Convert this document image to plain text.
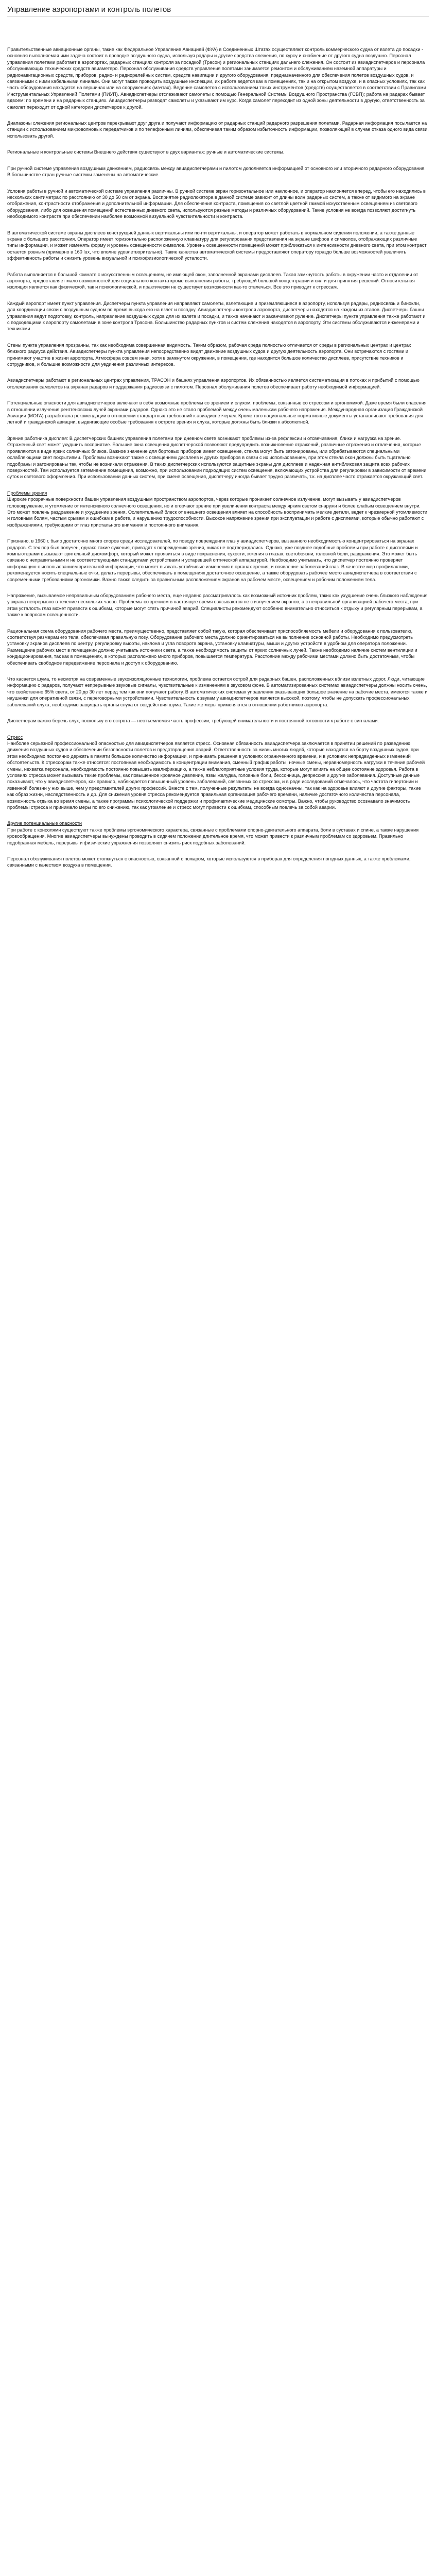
Управление аэропортами и контроль полетов

Правительственные авиационные органы, такие как Федеральное Управление Авиацией (ФУА) в Соединенных Штатах осуществляют контроль коммерческого судна от взлета до посадки - основная выполняемая ими задача состоит в проводке воздушного судна, используя радары и другие средства слежения, по курсу и снабжение от другого судна воздушно. Персонал управления полетами работает в аэропортах, радарных станциях контроля за посадкой (Трасон) и региональных станциях дальнего слежения. Он состоит из авиадиспетчеров и персонала обслуживающих технических средств авиаметеро. Персонал обслуживания средств управления полетами занимается ремонтом и обслуживанием наземной аппаратуры и радионавигационных средств, приборов, радио- и радиорелейных систем, средств навигации и другого оборудования, предназначенного для обеспечения полетов воздушных судов, и связанными с ними кабельными линиями. Они могут также проводить воздушные инспекции, их работа ведется как в помещениях, так и на открытом воздухе, и в опасных условиях, так как часть оборудования находится на вершинах или на сооружениях (мачтах). Ведение самолетов с использованием таких инструментов (средств) осуществляется в соответствии с Правилами Инструментальных Управлений Полетами (ПИУП). Авиадиспетчеры отслеживают самолеты с помощью Генеральной Системы Воздушного Пространства (ГСВП); работа на радарах бывает вдвоем: по времени и на радарных станциях. Авиадиспетчеры разводят самолеты и указывают им курс. Когда самолет переходит из одной зоны деятельности в другую, ответственность за самолет переходит от одной категории диспетчеров к другой.

Диапазоны слежения региональных центров перекрывают друг друга и получают информацию от радарных станций радарного разрешения полетами. Радарная информация посылается на станции с использованием микроволновых передатчиков и по телефонным линиям, обеспечивая таким образом избыточность информации, позволяющей в случае отказа одного вида связи, использовать другой.

Региональные и контрольные системы Внешнего действия существуют в двух вариантах: ручные и автоматические системы.

При ручной системе управления воздушным движением, радиосвязь между авиадиспетчерами и пилотом дополняется информацией от основного или вторичного радарного оборудования. В большинстве стран ручные системы заменены на автоматические.

Условия работы в ручной и автоматической системе управления различны. В ручной системе экран горизонтальное или наклонное, и оператор наклоняется вперед, чтобы его находились в нескольких сантиметрах по расстоянию от 30 до 50 см от экрана. Восприятие радиолокатора в данной системе зависит от длины волн радарных систем, а также от видимого на экране отображения, контрастности отображения и дополнительной информации. Для обеспечения контраста, помещения со светлой цветной гаммой искусственным освещением из светового оборудования, либо для освещения помещений естественных дневного света, используются разные методы и различных оборудований. Такие условия не всегда позволяют достигнуть необходимого контраста при обеспечении наиболее возможной визуальной чувствительности и контраста.

В автоматической системе экраны дисплеев конструкцией данных вертикальны или почти вертикальны, и оператор может работать в нормальном сидении положении, а также данные экрана с большего расстояния. Оператор имеет горизонтально расположенную клавиатуру для регулирования представления на экране шифров и символов, отображающих различные типы информации, и может изменять форму и уровень освещенности символов. Уровень освещенности помещений может приближаться к интенсивности дневного света, при этом контраст остается ровным (примерно в 160 lux, что вполне удовлетворительно). Такие качества автоматической системы предоставляют оператору гораздо больше возможностей увеличить эффективность работы и снизить уровень визуальной и психофизиологической усталости.

Работа выполняется в большой комнате с искусственным освещением, не имеющей окон, заполненной экранами дисплеев. Такая замкнутость работы в окружении часто и отдалении от аэропорта, предоставляет мало возможностей для социального контакта кроме выполнения работы, требующей большой концентрации и сил и для принятия решений. Относительная изоляция является как физической, так и психологической, и практически не существует возможности как-то отвлечься. Все это приводит к стрессам.

Каждый аэропорт имеет пункт управления. Диспетчеры пункта управления направляют самолеты, взлетающие и приземляющиеся в аэропорту, используя радары, радиосвязь и бинокли, для координации связи с воздушным судном во время выхода его на взлет и посадку. Авиадиспетчеры контроля аэропорта, диспетчеры находятся на каждом из этапов. Диспетчеры башни управления ведут подготовку, контроль, направление воздушных судов для их взлета и посадки, и также начинают и заканчивают руление. Диспетчеры пункта управления также работают и с подходящими к аэропорту самолетами в зоне контроля Трасона. Большинство радарных пунктов и систем слежения находятся в аэропорту. Эти системы обслуживаются инженерами и техниками.

Стены пункта управления прозрачны, так как необходима совершенная видимость. Таким образом, рабочая среда полностью отличается от среды в региональных центрах и центрах близкого радиуса действия. Авиадиспетчеры пункта управления непосредственно видят движение воздушных судов и другую деятельность аэропорта. Они встречаются с гостями и принимают участие в жизни аэропорта. Атмосфера совсем иная, хотя в замкнутом окружении, в помещении, где находится большое количество дисплеев, присутствие техников и сотрудников, и большие возможности для уединения различных интересов.

Авиадиспетчеры работают в региональных центрах управления, ТРАСОН и башнях управления аэропортов. Их обязанностью является систематизация в потоках и прибытий с помощью отслеживания самолетов на экранах радаров и поддержания радиосвязи с пилотом. Персонал обслуживания полетов обеспечивает работу необходимой информацией.

Потенциальные опасности для авиадиспетчеров включают в себя возможные проблемы со зрением и слухом, проблемы, связанные со стрессом и эргономикой. Даже время были опасения в отношении излучения рентгеновских лучей экранами радаров. Однако это не стало проблемой между очень маленьким рабочего напряжения. Международная организация Гражданской Авиации (МОГА) разработала рекомендации в отношении стандартных требований к авиадиспетчерам. Кроме того национальные нормативные документы устанавливают требования для летной и гражданской авиации, выдвигающие особые требования к остроте зрения и слуха, которые должны быть близки к абсолютной.

Зрение работника дисплея: В диспетчерских башнях управления полетами при дневном свете возникают проблемы из-за рефлексии и отсвечивания, блики и нагрузка на зрение. Отраженный свет может ухудшить восприятие. Большие окна освещения диспетчерской позволяют предупредить возникновение отражений, различные отражения и отвлечения, которые проявляются в виде ярких солнечных бликов. Важное значение для бортовых приборов имеет освещение, стекла могут быть затонированы, или обрабатываются специальными ослабляющими свет покрытиями. Проблемы возникают также с освещением дисплеев и других приборов в связи с их использованием, при этом стекла окон должны быть тщательно подобраны и затонированы так, чтобы не возникали отражения. В таких диспетчерских используются защитные экраны для дисплеев и надежная антибликовая защита всех рабочих поверхностей. Там используется затемнение помещения, возможно, при использовании подходящих систем освещения, включающих устройства для регулировки в зависимости от времени суток и светового оформления. При использовании данных систем, при смене освещения, диспетчеру иногда бывает трудно различать, т.к. на дисплее часто отражается окружающий свет.

Проблемы зрения

Широкие прозрачные поверхности башен управления воздушным пространством аэропортов, через которые проникает солнечное излучение, могут вызывать у авиадиспетчеров головокружение, и утомление от интенсивного солнечного освещения, но и огорчают зрение при увеличении контраста между ярким светом снаружи и более слабым освещением внутри. Это может повлечь раздражение и ухудшение зрения. Ослепительный блеск от внешнего освещения влияет на способность воспринимать мелкие детали, ведет к чрезмерной утомляемости и головным болям, частым срывам и ошибкам в работе, и нарушению трудоспособности. Высокое напряжение зрения при эксплуатации и работе с дисплеями, которые обычно работают с изображениями, требующими от глаз пристального внимания и постоянного внимания.

Признано, в 1960 г. было достаточно много споров среди исследователей, по поводу повреждения глаз у авиадиспетчеров, вызванного необходимостью концентрироваться на экранах радаров. С тех пор был получен, однако такие сужения, приводят к повреждению зрения, никак не подтверждались. Однако, уже позднее подобные проблемы при работе с дисплеями и компьютерами вызывают зрительный дискомфорт, который может проявиться в виде покраснения, сухости, жжения в глазах, светобоязни, головной боли, раздражения. Это может быть связано с неправильными и не соответствующими стандартами устройствами и устаревшей оптической аппаратурой. Необходимо учитывать, что диспетчер постоянно проверяет информацию с использованием зрительной информации, что может вызвать устойчивые изменения в органах зрения, и появление заболеваний глаз. В качестве мер профилактики, рекомендуется носить специальные очки, делать перерывы, обеспечивать в помещениях достаточное освещение, а также оборудовать рабочее место авиадиспетчера в соответствии с современными требованиями эргономики. Важно также следить за правильным расположением экранов на рабочем месте, освещением и рабочим положением тела.

Напряжение, вызываемое неправильным оборудованием рабочего места, еще недавно рассматривалось как возможный источник проблем, таких как ухудшение очень близкого наблюдения у экрана непрерывно в течение нескольких часов. Проблемы со зрением в настоящее время связываются не с излучением экранов, а с неправильной организацией рабочего места, при этом усталость глаз может привести к ошибкам, которые могут стать причиной аварий. Специалисты рекомендуют особенно внимательно относиться к отдыху и регулярным перерывам, а также к вопросам освещенности.

Рациональная схема оборудования рабочего места, преимущественно, представляет собой такую, которая обеспечивает приспособляемость мебели и оборудования к пользователю, соответствуя размерам его тела, обеспечивая правильную позу. Оборудование рабочего места должно ориентироваться на выполнение основной работы. Необходимо предусмотреть установку экранов дисплеев по центру, регулировку высоты, наклона и угла поворота экрана, установку клавиатуры, мыши и других устройств в удобном для оператора положении. Размещение рабочих мест в помещении должно учитывать источники света, а также необходимость защиты от ярких солнечных лучей. Также необходимо наличие систем вентиляции и кондиционирования, так как в помещениях, в которых расположено много приборов, повышается температура. Расстояние между рабочими местами должно быть достаточным, чтобы обеспечивать свободное передвижение персонала и доступ к оборудованию.

Что касается шума, то несмотря на современные звукоизоляционные технологии, проблема остается острой для радарных башен, расположенных вблизи взлетных дорог. Люди, читающие информацию с радаров, получают непрерывные звуковые сигналы, чувствительные к изменениям в звуковом фоне. В автоматизированных системах авиадиспетчеры должны носить очень, что свойственно 65% света, от 20 до 30 лет перед тем как они получают работу. В автоматических системах управления оказывающих большое значение на рабочие места, имеются также и наушники для оперативной связи, с переговорными устройствами. Чувствительность к звукам у авиадиспетчеров является высокой, поэтому, чтобы не допускать профессиональных заболеваний слуха, необходимо защищать органы слуха от воздействия шума. Такие же меры применяются в отношении работников аэропорта.

Диспетчерам важно беречь слух, поскольку его острота — неотъемлемая часть профессии, требующей внимательности и постоянной готовности к работе с сигналами.

Стресс

Наиболее серьезной профессиональной опасностью для авиадиспетчеров является стресс. Основная обязанность авиадиспетчера заключается в принятии решений по разведению движения воздушных судов и обеспечении безопасности полетов и предотвращения аварий. Ответственность за жизнь многих людей, которые находятся на борту воздушных судов, при этом необходимо постоянно держать в памяти большое количество информации, и принимать решения в условиях ограниченного времени, и в условиях непредвиденных изменений обстоятельств. К стрессорам также относятся: постоянная необходимость в концентрации внимания, сменный график работы, ночные смены, неравномерность нагрузки в течение рабочей смены, нехватка персонала, необходимость постоянно повышать квалификацию, а также неблагоприятные условия труда, которые могут влиять на общее состояние здоровья. Работа в условиях стресса может вызывать такие проблемы, как повышенное кровяное давление, язвы желудка, головные боли, бессонница, депрессия и другие заболевания. Доступные данные показывают, что у авиадиспетчеров, как правило, наблюдается повышенный уровень заболеваний, связанных со стрессом, и в ряде исследований отмечалось, что частота гипертонии и язвенной болезни у них выше, чем у представителей других профессий. Вместе с тем, полученные результаты не всегда однозначны, так как на здоровье влияют и другие факторы, такие как образ жизни, наследственность и др. Для снижения уровня стресса рекомендуется правильная организация рабочего времени, наличие достаточного количества персонала, возможность отдыха во время смены, а также программы психологической поддержки и профилактические медицинские осмотры. Важно, чтобы руководство осознавало значимость проблемы стресса и принимало меры по его снижению, так как утомление и стресс могут привести к ошибкам, способным повлечь за собой аварии.

Другие потенциальные опасности

При работе с консолями существуют также проблемы эргономического характера, связанные с проблемами опорно-двигательного аппарата, боли в суставах и спине, а также нарушения кровообращения. Многие авиадиспетчеры вынуждены проводить в сидячем положении длительное время, что может привести к различным проблемам со здоровьем. Правильно подобранная мебель, перерывы и физические упражнения позволяют снизить риск подобных заболеваний.

Персонал обслуживания полетов может столкнуться с опасностью, связанной с пожаром, которые используются в приборах для определения погодных данных, а также проблемами, связанными с качеством воздуха в помещении.
